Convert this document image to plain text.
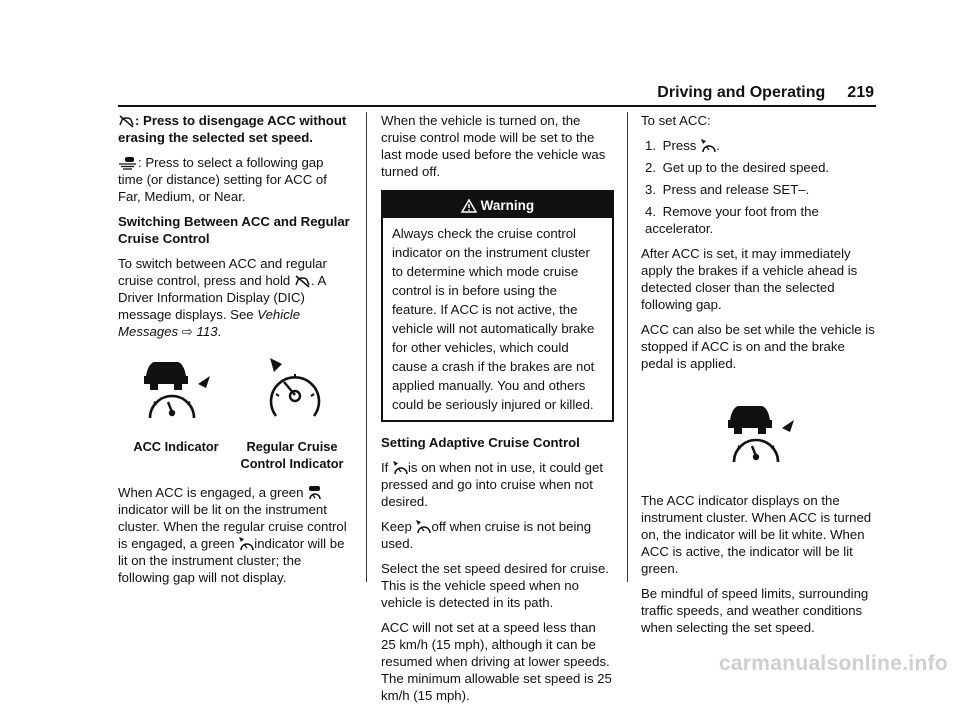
Driving and Operating 219

: Press to disengage ACC without erasing the selected set speed.

: Press to select a following gap time (or distance) setting for ACC of Far, Medium, or Near.

Switching Between ACC and Regular Cruise Control

To switch between ACC and regular cruise control, press and hold . A Driver Information Display (DIC) message displays. See Vehicle Messages ⇨ 113.

ACC Indicator	Regular Cruise Control Indicator

When ACC is engaged, a green
indicator will be lit on the instrument cluster. When the regular cruise control is engaged, a green indicator will be lit on the instrument cluster; the following gap will not display.

When the vehicle is turned on, the cruise control mode will be set to the last mode used before the vehicle was turned off.

Warning
Always check the cruise control indicator on the instrument cluster to determine which mode cruise control is in before using the feature. If ACC is not active, the vehicle will not automatically brake for other vehicles, which could cause a crash if the brakes are not applied manually. You and others could be seriously injured or killed.

Setting Adaptive Cruise Control

If is on when not in use, it could get pressed and go into cruise when not desired.

Keep off when cruise is not being used.

Select the set speed desired for cruise. This is the vehicle speed when no vehicle is detected in its path.

ACC will not set at a speed less than 25 km/h (15 mph), although it can be resumed when driving at lower speeds. The minimum allowable set speed is 25 km/h (15 mph).

To set ACC:

1. Press .
2. Get up to the desired speed.
3. Press and release SET–.
4. Remove your foot from the accelerator.

After ACC is set, it may immediately apply the brakes if a vehicle ahead is detected closer than the selected following gap.

ACC can also be set while the vehicle is stopped if ACC is on and the brake pedal is applied.

The ACC indicator displays on the instrument cluster. When ACC is turned on, the indicator will be lit white. When ACC is active, the indicator will be lit green.

Be mindful of speed limits, surrounding traffic speeds, and weather conditions when selecting the set speed.

carmanualsonline.info
